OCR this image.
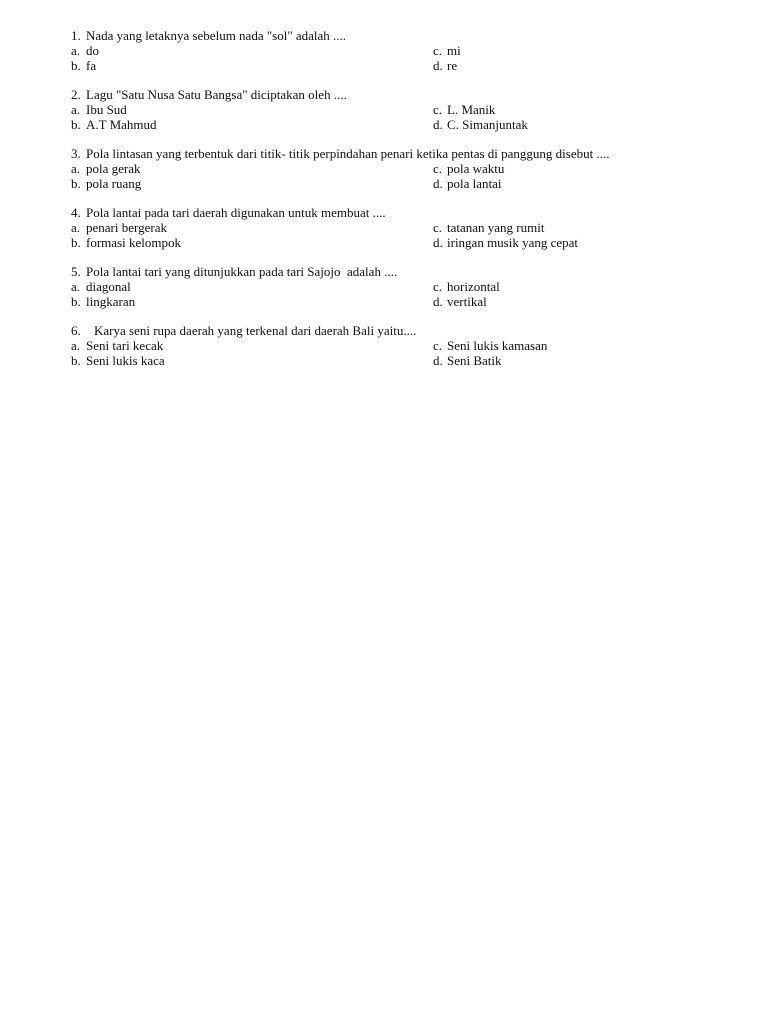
1. Nada yang letaknya sebelum nada "sol" adalah ....
a. do	c. mi
b. fa	d. re
2. Lagu "Satu Nusa Satu Bangsa" diciptakan oleh ....
a. Ibu Sud	c. L. Manik
b. A.T Mahmud	d. C. Simanjuntak
3. Pola lintasan yang terbentuk dari titik- titik perpindahan penari ketika pentas di panggung disebut ....
a. pola gerak	c. pola waktu
b. pola ruang	d. pola lantai
4. Pola lantai pada tari daerah digunakan untuk membuat ....
a. penari bergerak	c. tatanan yang rumit
b. formasi kelompok	d. iringan musik yang cepat
5. Pola lantai tari yang ditunjukkan pada tari Sajojo  adalah ....
a. diagonal	c. horizontal
b. lingkaran	d. vertikal
6. Karya seni rupa daerah yang terkenal dari daerah Bali yaitu....
a. Seni tari kecak	c. Seni lukis kamasan
b. Seni lukis kaca	d. Seni Batik
